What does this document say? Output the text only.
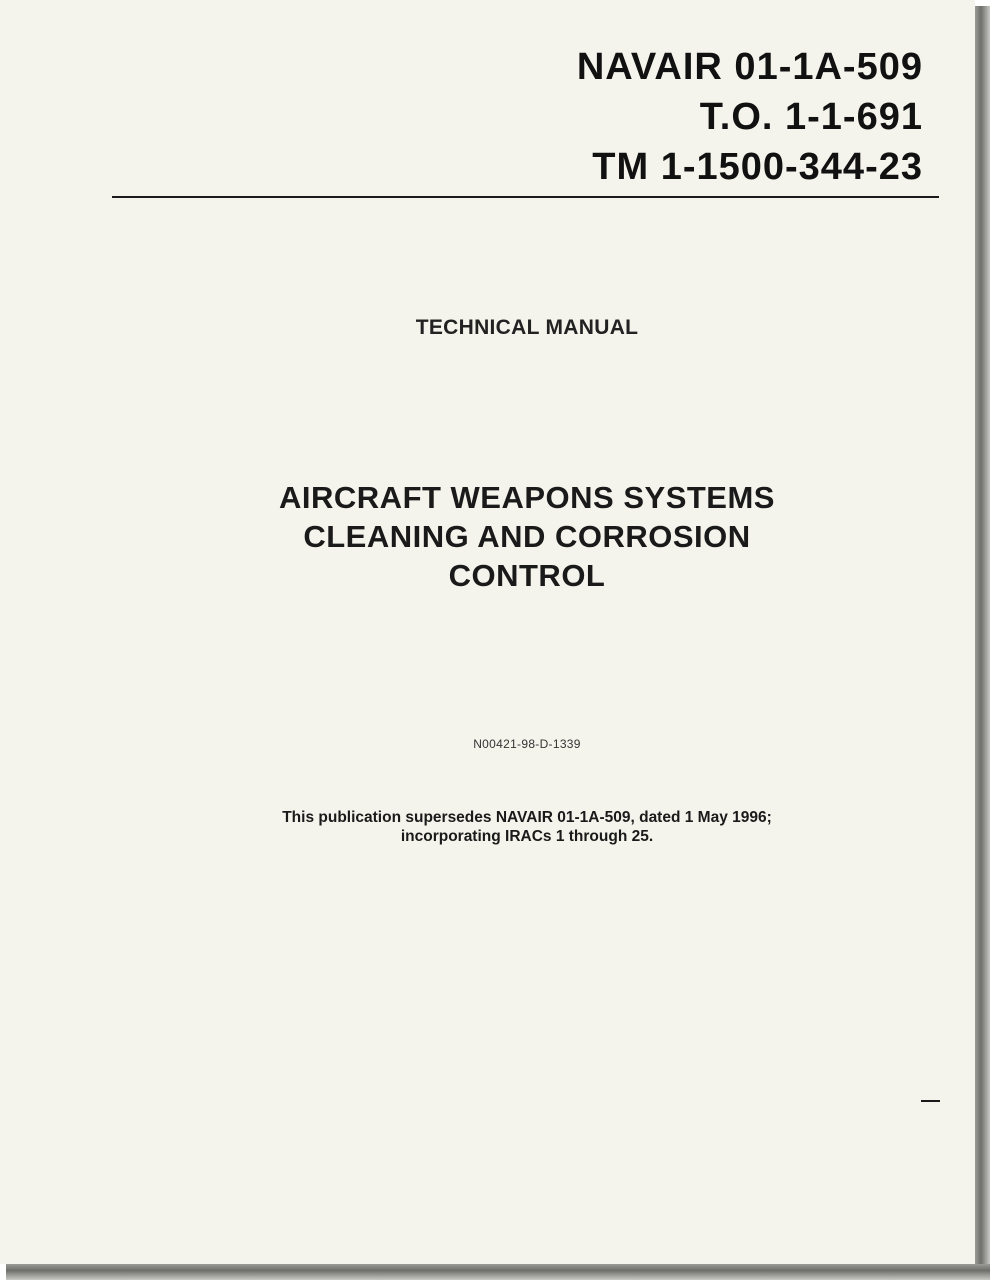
NAVAIR 01-1A-509
T.O. 1-1-691
TM 1-1500-344-23
TECHNICAL MANUAL
AIRCRAFT WEAPONS SYSTEMS
CLEANING AND CORROSION
CONTROL
N00421-98-D-1339
This publication supersedes NAVAIR 01-1A-509, dated 1 May 1996;
incorporating IRACs 1 through 25.
